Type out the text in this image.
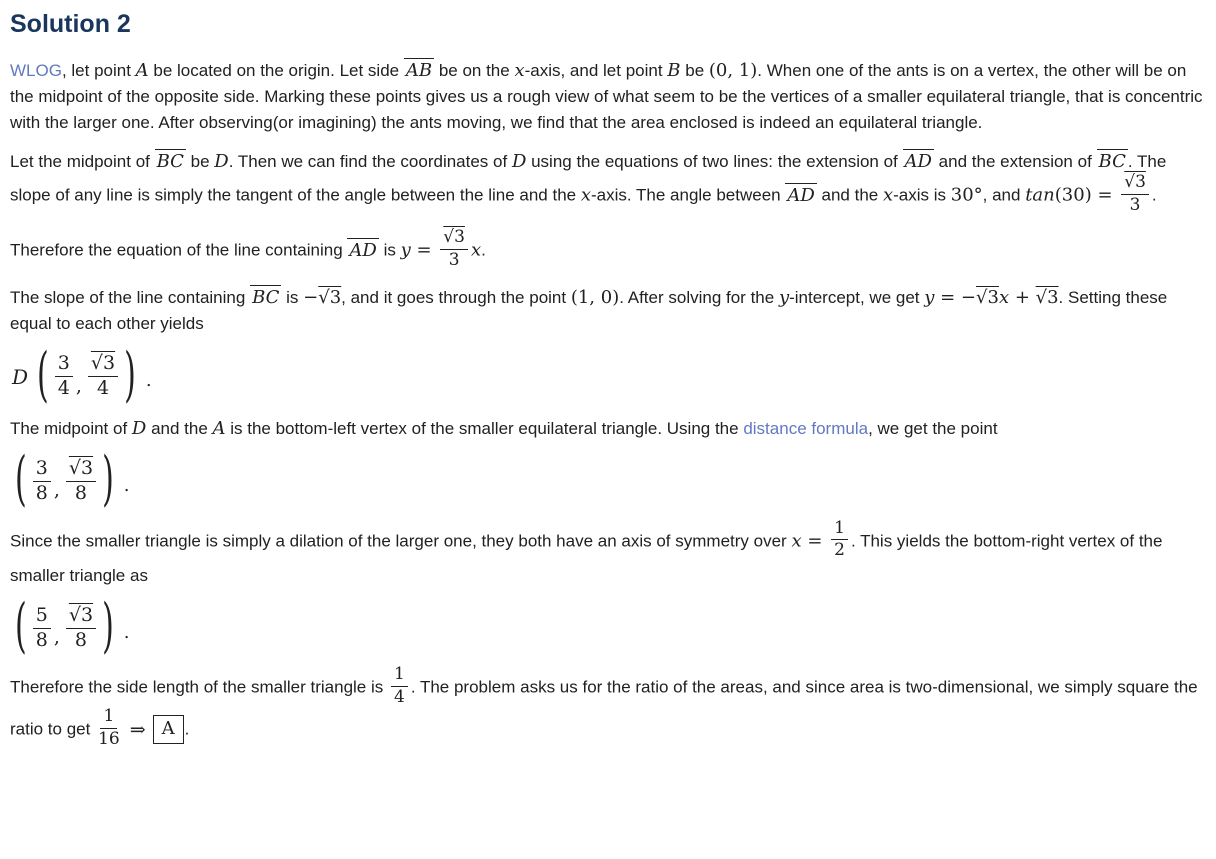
Solution 2

WLOG, let point A be located on the origin. Let side AB be on the x-axis, and let point B be (0, 1). When one of the ants is on a vertex, the other will be on the midpoint of the opposite side. Marking these points gives us a rough view of what seem to be the vertices of a smaller equilateral triangle, that is concentric with the larger one. After observing(or imagining) the ants moving, we find that the area enclosed is indeed an equilateral triangle.

Let the midpoint of BC be D. Then we can find the coordinates of D using the equations of two lines: the extension of AD and the extension of BC . The slope of any line is simply the tangent of the angle between the line and the x-axis. The angle between AD and the x-axis is 30°, and $\tan(30) = \frac{√3}{3}$ .

Therefore the equation of the line containing AD is $y = \frac{√3}{3} x$.

The slope of the line containing BC is −√3, and it goes through the point (1, 0). After solving for the y-intercept, we get y = −√3x + √3. Setting these equal to each other yields

D ( $\frac{3}{4}$ , $\frac{√3}{4}$ ) .

The midpoint of D and the A is the bottom-left vertex of the smaller equilateral triangle. Using the distance formula, we get the point

( $\frac{3}{8}$ , $\frac{√3}{8}$ ) .

Since the smaller triangle is simply a dilation of the larger one, they both have an axis of symmetry over $x = \frac{1}{2}$ . This yields the bottom-right vertex of the smaller triangle as

( $\frac{5}{8}$ , $\frac{√3}{8}$ ) .

Therefore the side length of the smaller triangle is $\frac{1}{4}$ . The problem asks us for the ratio of the areas, and since area is two-dimensional, we simply square the ratio to get $\frac{1}{16}$ ⇒ A .
